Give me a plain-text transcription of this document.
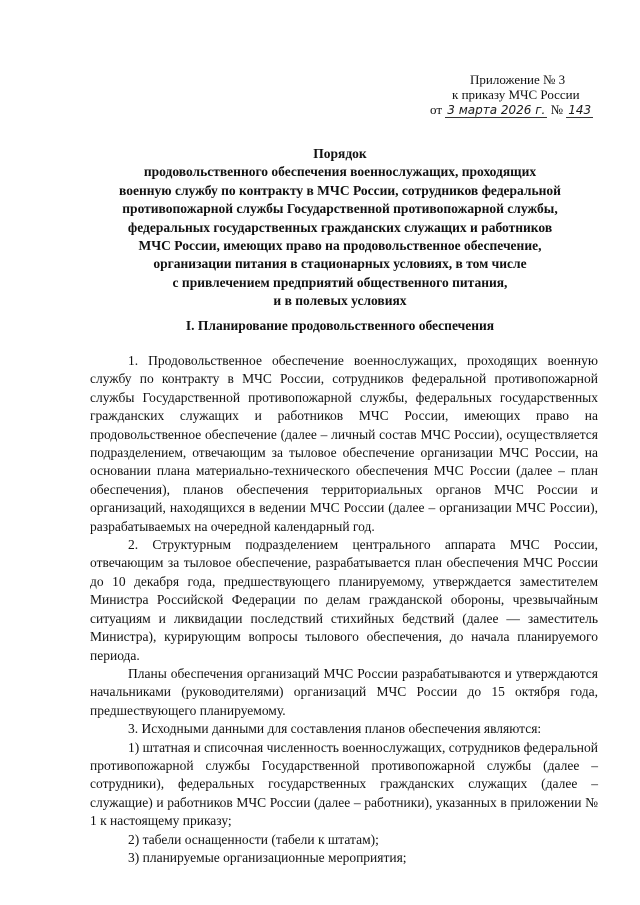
Приложение № 3
к приказу МЧС России
от 3 марта 2026 г. № 143
Порядок
продовольственного обеспечения военнослужащих, проходящих
военную службу по контракту в МЧС России, сотрудников федеральной
противопожарной службы Государственной противопожарной службы,
федеральных государственных гражданских служащих и работников
МЧС России, имеющих право на продовольственное обеспечение,
организации питания в стационарных условиях, в том числе
с привлечением предприятий общественного питания,
и в полевых условиях
I. Планирование продовольственного обеспечения

1. Продовольственное обеспечение военнослужащих, проходящих военную службу по контракту в МЧС России, сотрудников федеральной противопожарной службы Государственной противопожарной службы, федеральных государственных гражданских служащих и работников МЧС России, имеющих право на продовольственное обеспечение (далее – личный состав МЧС России), осуществляется подразделением, отвечающим за тыловое обеспечение организации МЧС России, на основании плана материально-технического обеспечения МЧС России (далее – план обеспечения), планов обеспечения территориальных органов МЧС России и организаций, находящихся в ведении МЧС России (далее – организации МЧС России), разрабатываемых на очередной календарный год.

2. Структурным подразделением центрального аппарата МЧС России, отвечающим за тыловое обеспечение, разрабатывается план обеспечения МЧС России до 10 декабря года, предшествующего планируемому, утверждается заместителем Министра Российской Федерации по делам гражданской обороны, чрезвычайным ситуациям и ликвидации последствий стихийных бедствий (далее — заместитель Министра), курирующим вопросы тылового обеспечения, до начала планируемого периода.

Планы обеспечения организаций МЧС России разрабатываются и утверждаются начальниками (руководителями) организаций МЧС России до 15 октября года, предшествующего планируемому.

3. Исходными данными для составления планов обеспечения являются:

1) штатная и списочная численность военнослужащих, сотрудников федеральной противопожарной службы Государственной противопожарной службы (далее – сотрудники), федеральных государственных гражданских служащих (далее – служащие) и работников МЧС России (далее – работники), указанных в приложении № 1 к настоящему приказу;

2) табели оснащенности (табели к штатам);

3) планируемые организационные мероприятия;
